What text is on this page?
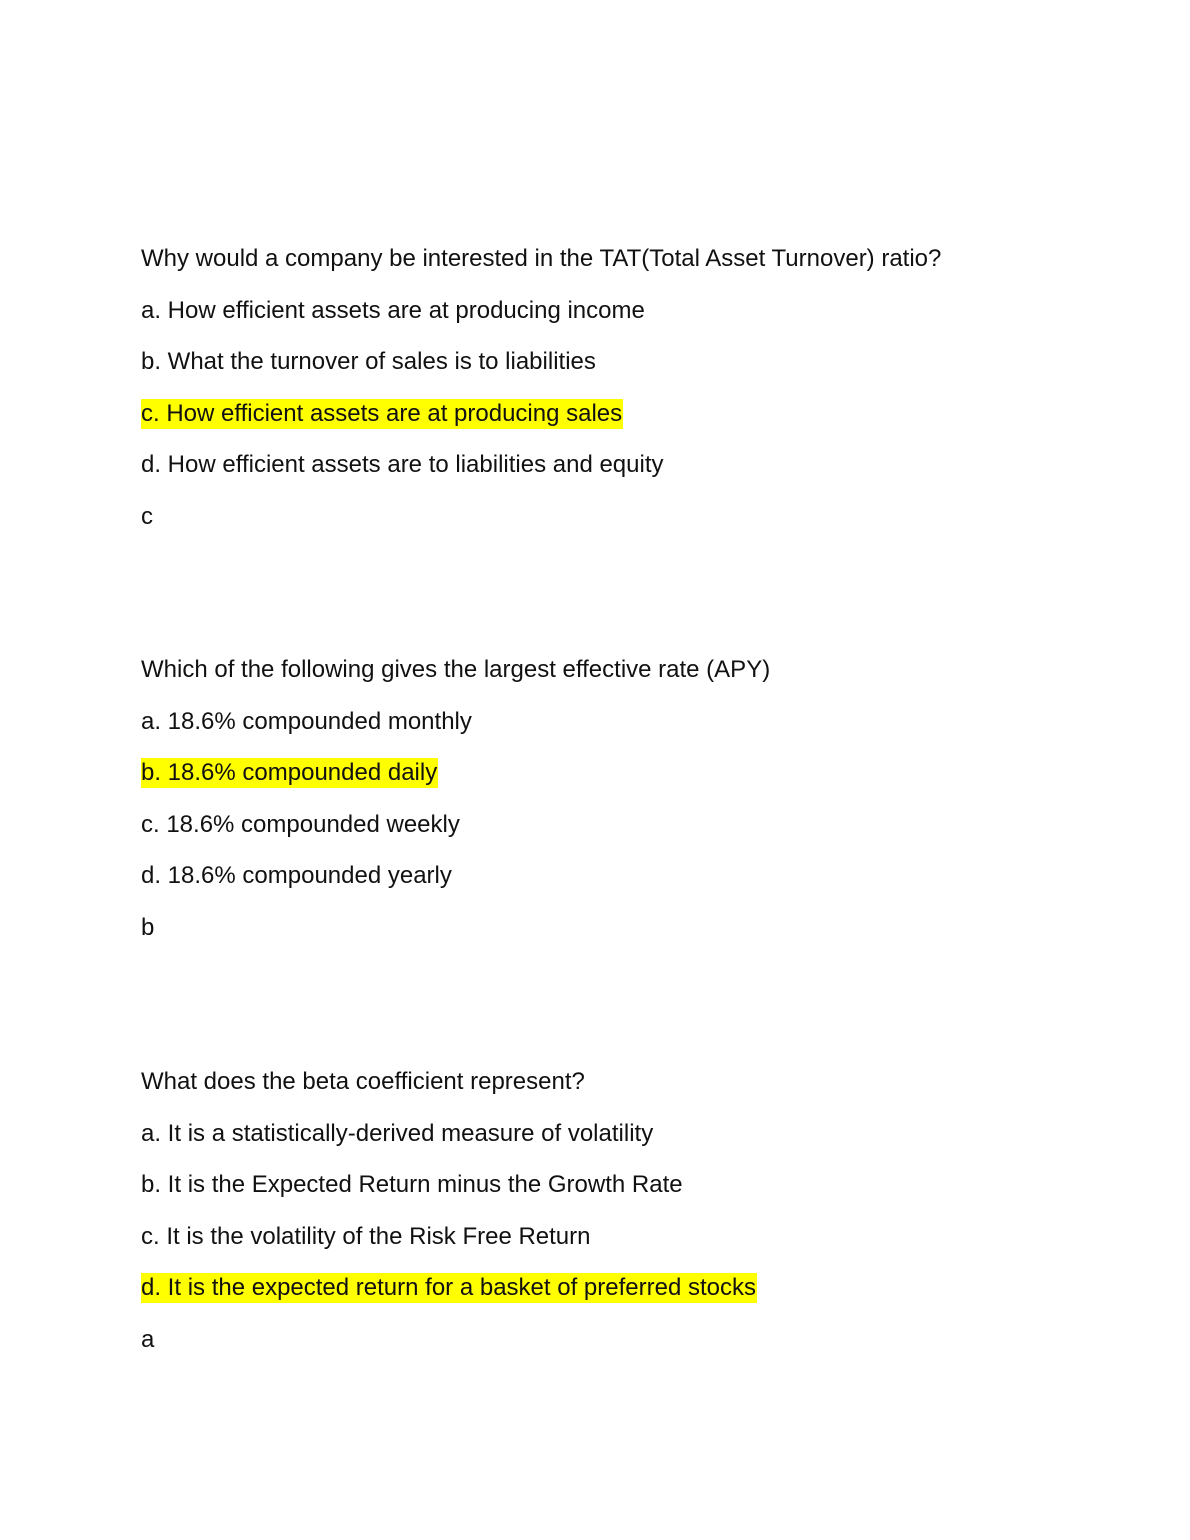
Why would a company be interested in the TAT(Total Asset Turnover) ratio?
a. How efficient assets are at producing income
b. What the turnover of sales is to liabilities
c. How efficient assets are at producing sales
d. How efficient assets are to liabilities and equity
c
Which of the following gives the largest effective rate (APY)
a. 18.6% compounded monthly
b. 18.6% compounded daily
c. 18.6% compounded weekly
d. 18.6% compounded yearly
b
What does the beta coefficient represent?
a. It is a statistically-derived measure of volatility
b. It is the Expected Return minus the Growth Rate
c. It is the volatility of the Risk Free Return
d. It is the expected return for a basket of preferred stocks
a
